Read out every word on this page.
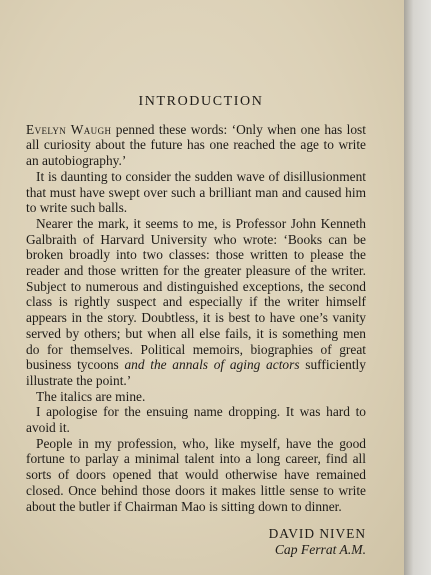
INTRODUCTION

Evelyn Waugh penned these words: ‘Only when one has lost all curiosity about the future has one reached the age to write an autobiography.’

It is daunting to consider the sudden wave of disillusionment that must have swept over such a brilliant man and caused him to write such balls.

Nearer the mark, it seems to me, is Professor John Kenneth Galbraith of Harvard University who wrote: ‘Books can be broken broadly into two classes: those written to please the reader and those written for the greater pleasure of the writer. Subject to numerous and distinguished exceptions, the second class is rightly suspect and especially if the writer himself appears in the story. Doubtless, it is best to have one’s vanity served by others; but when all else fails, it is something men do for themselves. Political memoirs, biographies of great business tycoons and the annals of aging actors sufficiently illustrate the point.’

The italics are mine.

I apologise for the ensuing name dropping. It was hard to avoid it.

People in my profession, who, like myself, have the good fortune to parlay a minimal talent into a long career, find all sorts of doors opened that would otherwise have remained closed. Once behind those doors it makes little sense to write about the butler if Chairman Mao is sitting down to dinner.

DAVID NIVEN
Cap Ferrat A.M.
